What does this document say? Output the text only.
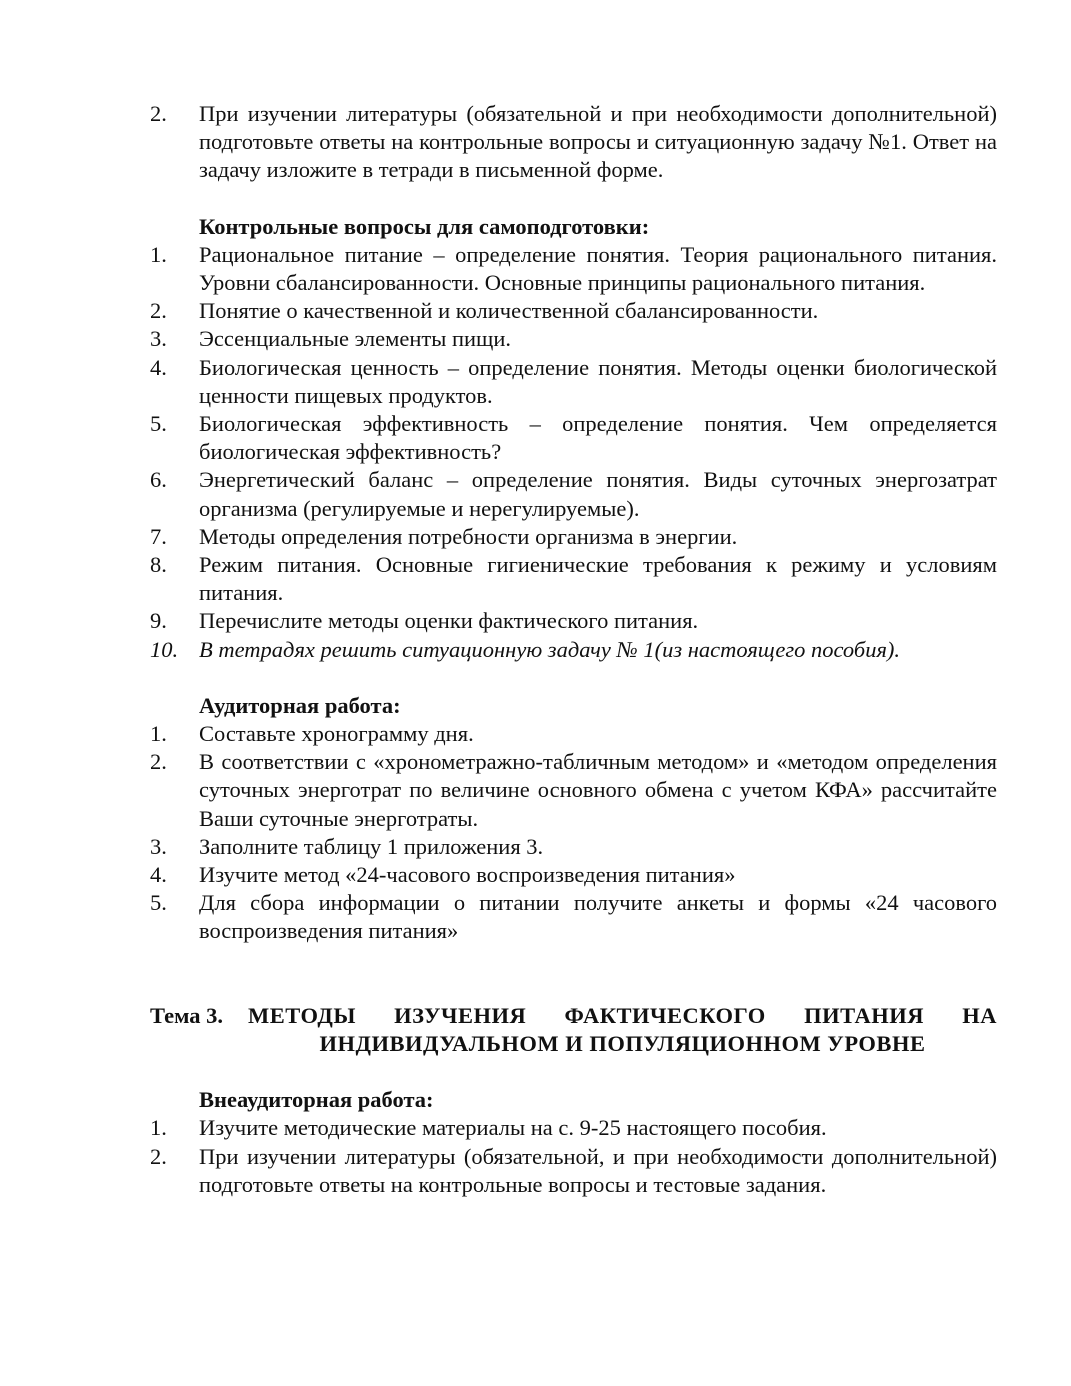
2.	При изучении литературы (обязательной и при необходимости дополнительной) подготовьте ответы на контрольные вопросы и ситуационную задачу №1. Ответ на задачу изложите в тетради в письменной форме.
Контрольные вопросы для самоподготовки:
1.	Рациональное питание – определение понятия. Теория рационального питания. Уровни сбалансированности. Основные принципы рационального питания.
2.	Понятие о качественной и количественной сбалансированности.
3.	Эссенциальные элементы пищи.
4.	Биологическая ценность – определение понятия. Методы оценки биологической ценности пищевых продуктов.
5.	Биологическая эффективность – определение понятия. Чем определяется биологическая эффективность?
6.	Энергетический баланс – определение понятия. Виды суточных энергозатрат организма (регулируемые и нерегулируемые).
7.	Методы определения потребности организма в энергии.
8.	Режим питания. Основные гигиенические требования к режиму и условиям питания.
9.	Перечислите методы оценки фактического питания.
10. В тетрадях решить ситуационную задачу № 1(из настоящего пособия).
Аудиторная работа:
1.	Составьте хронограмму дня.
2.	В соответствии с «хронометражно-табличным методом» и «методом определения суточных энерготрат по величине основного обмена с учетом КФА» рассчитайте Ваши суточные энерготраты.
3.	Заполните таблицу 1 приложения 3.
4.	Изучите метод «24-часового воспроизведения питания»
5.	Для сбора информации о питании получите анкеты и формы «24 часового воспроизведения питания»
Тема 3.	МЕТОДЫ ИЗУЧЕНИЯ ФАКТИЧЕСКОГО ПИТАНИЯ НА ИНДИВИДУАЛЬНОМ И ПОПУЛЯЦИОННОМ УРОВНЕ
Внеаудиторная работа:
1.	Изучите методические материалы на с. 9-25 настоящего пособия.
2.	При изучении литературы (обязательной, и при необходимости дополнительной) подготовьте ответы на контрольные вопросы и тестовые задания.
